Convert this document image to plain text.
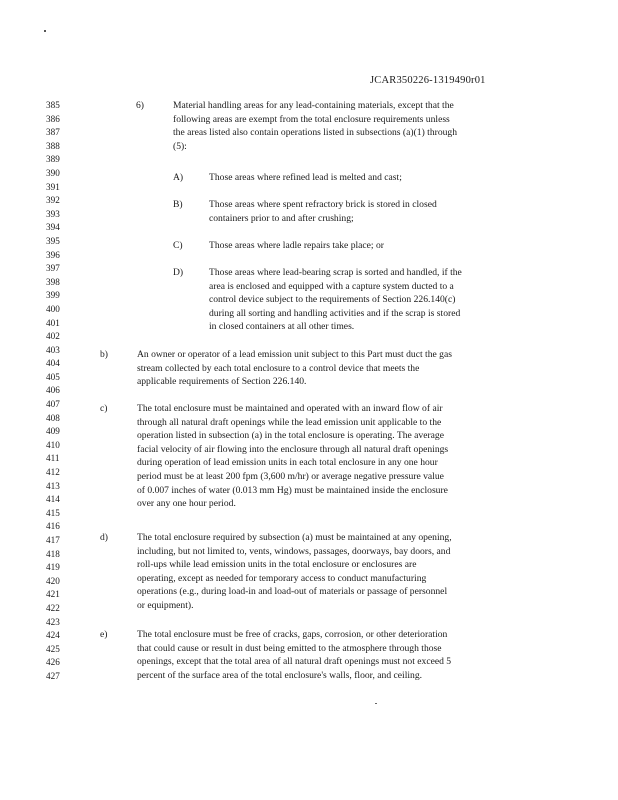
JCAR350226-1319490r01
385
386
387
388
389
390
391
392
393
394
395
396
397
398
399
400
401
402
403
404
405
406
407
408
409
410
411
412
413
414
415
416
417
418
419
420
421
422
423
424
425
426
427
6)	Material handling areas for any lead-containing materials, except that the
following areas are exempt from the total enclosure requirements unless
the areas listed also contain operations listed in subsections (a)(1) through
(5):
A)	Those areas where refined lead is melted and cast;
B)	Those areas where spent refractory brick is stored in closed
containers prior to and after crushing;
C)	Those areas where ladle repairs take place; or
D)	Those areas where lead-bearing scrap is sorted and handled, if the
area is enclosed and equipped with a capture system ducted to a
control device subject to the requirements of Section 226.140(c)
during all sorting and handling activities and if the scrap is stored
in closed containers at all other times.
b)	An owner or operator of a lead emission unit subject to this Part must duct the gas
stream collected by each total enclosure to a control device that meets the
applicable requirements of Section 226.140.
c)	The total enclosure must be maintained and operated with an inward flow of air
through all natural draft openings while the lead emission unit applicable to the
operation listed in subsection (a) in the total enclosure is operating. The average
facial velocity of air flowing into the enclosure through all natural draft openings
during operation of lead emission units in each total enclosure in any one hour
period must be at least 200 fpm (3,600 m/hr) or average negative pressure value
of 0.007 inches of water (0.013 mm Hg) must be maintained inside the enclosure
over any one hour period.
d)	The total enclosure required by subsection (a) must be maintained at any opening,
including, but not limited to, vents, windows, passages, doorways, bay doors, and
roll-ups while lead emission units in the total enclosure or enclosures are
operating, except as needed for temporary access to conduct manufacturing
operations (e.g., during load-in and load-out of materials or passage of personnel
or equipment).
e)	The total enclosure must be free of cracks, gaps, corrosion, or other deterioration
that could cause or result in dust being emitted to the atmosphere through those
openings, except that the total area of all natural draft openings must not exceed 5
percent of the surface area of the total enclosure's walls, floor, and ceiling.
